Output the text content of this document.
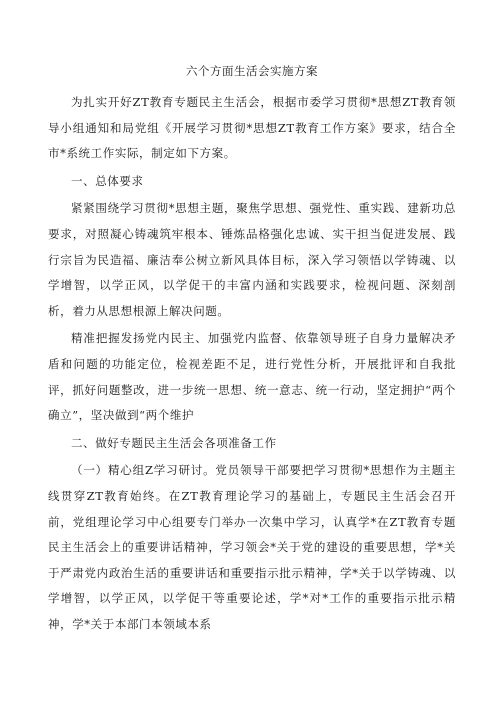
六个方面生活会实施方案

为扎实开好ZT教育专题民主生活会，根据市委学习贯彻*思想ZT教育领导小组通知和局党组《开展学习贯彻*思想ZT教育工作方案》要求，结合全市*系统工作实际，制定如下方案。

一、总体要求

紧紧围绕学习贯彻*思想主题，聚焦学思想、强党性、重实践、建新功总要求，对照凝心铸魂筑牢根本、锤炼品格强化忠诚、实干担当促进发展、践行宗旨为民造福、廉洁奉公树立新风具体目标，深入学习领悟以学铸魂、以学增智，以学正风，以学促干的丰富内涵和实践要求，检视问题、深刻剖析，着力从思想根源上解决问题。

精准把握发扬党内民主、加强党内监督、依靠领导班子自身力量解决矛盾和问题的功能定位，检视差距不足，进行党性分析，开展批评和自我批评，抓好问题整改，进一步统一思想、统一意志、统一行动，坚定拥护“两个确立”，坚决做到“两个维护

二、做好专题民主生活会各项准备工作

（一）精心组Z学习研讨。党员领导干部要把学习贯彻*思想作为主题主线贯穿ZT教育始终。在ZT教育理论学习的基础上，专题民主生活会召开前，党组理论学习中心组要专门举办一次集中学习，认真学*在ZT教育专题民主生活会上的重要讲话精神，学习领会*关于党的建设的重要思想，学*关于严肃党内政治生活的重要讲话和重要指示批示精神，学*关于以学铸魂、以学增智，以学正风，以学促干等重要论述，学*对*工作的重要指示批示精神，学*关于本部门本领域本系
